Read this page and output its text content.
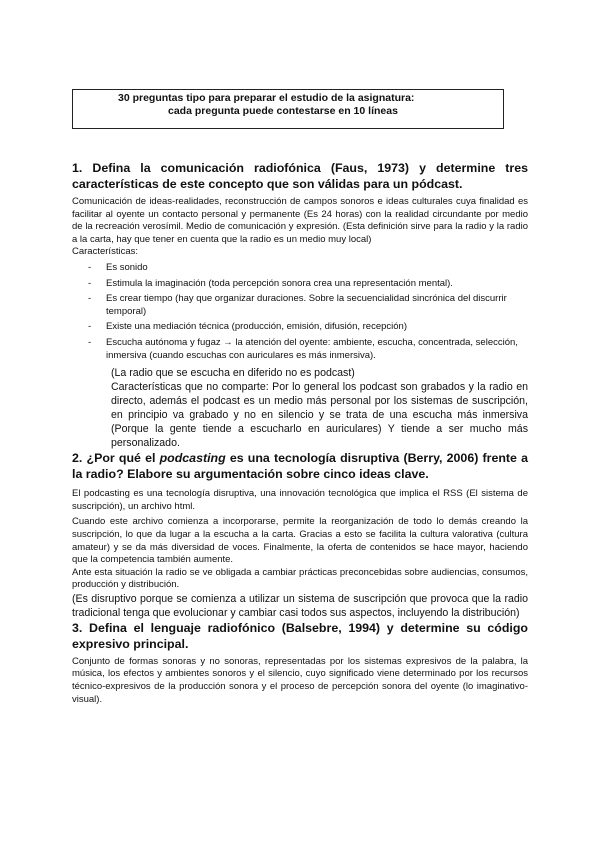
30 preguntas tipo para preparar el estudio de la asignatura:
cada pregunta puede contestarse en 10 líneas
1. Defina la comunicación radiofónica (Faus, 1973) y determine tres características de este concepto que son válidas para un pódcast.

Comunicación de ideas-realidades, reconstrucción de campos sonoros e ideas culturales cuya finalidad es facilitar al oyente un contacto personal y permanente (Es 24 horas) con la realidad circundante por medio de la recreación verosímil. Medio de comunicación y expresión. (Esta definición sirve para la radio y la radio a la carta, hay que tener en cuenta que la radio es un medio muy local)

Características:

- Es sonido
- Estimula la imaginación (toda percepción sonora crea una representación mental).
- Es crear tiempo (hay que organizar duraciones. Sobre la secuencialidad sincrónica del discurrir temporal)
- Existe una mediación técnica (producción, emisión, difusión, recepción)
- Escucha autónoma y fugaz → la atención del oyente: ambiente, escucha, concentrada, selección, inmersiva (cuando escuchas con auriculares es más inmersiva).

(La radio que se escucha en diferido no es podcast)

Características que no comparte: Por lo general los podcast son grabados y la radio en directo, además el podcast es un medio más personal por los sistemas de suscripción, en principio va grabado y no en silencio y se trata de una escucha más inmersiva (Porque la gente tiende a escucharlo en auriculares) Y tiende a ser mucho más personalizado.

2. ¿Por qué el podcasting es una tecnología disruptiva (Berry, 2006) frente a la radio? Elabore su argumentación sobre cinco ideas clave.

El podcasting es una tecnología disruptiva, una innovación tecnológica que implica el RSS (El sistema de suscripción), un archivo html.

Cuando este archivo comienza a incorporarse, permite la reorganización de todo lo demás creando la suscripción, lo que da lugar a la escucha a la carta. Gracias a esto se facilita la cultura valorativa (cultura amateur) y se da más diversidad de voces. Finalmente, la oferta de contenidos se hace mayor, haciendo que la competencia también aumente.

Ante esta situación la radio se ve obligada a cambiar prácticas preconcebidas sobre audiencias, consumos, producción y distribución.

(Es disruptivo porque se comienza a utilizar un sistema de suscripción que provoca que la radio tradicional tenga que evolucionar y cambiar casi todos sus aspectos, incluyendo la distribución)

3. Defina el lenguaje radiofónico (Balsebre, 1994) y determine su código expresivo principal.

Conjunto de formas sonoras y no sonoras, representadas por los sistemas expresivos de la palabra, la música, los efectos y ambientes sonoros y el silencio, cuyo significado viene determinado por los recursos técnico-expresivos de la producción sonora y el proceso de percepción sonora del oyente (lo imaginativo-visual).
